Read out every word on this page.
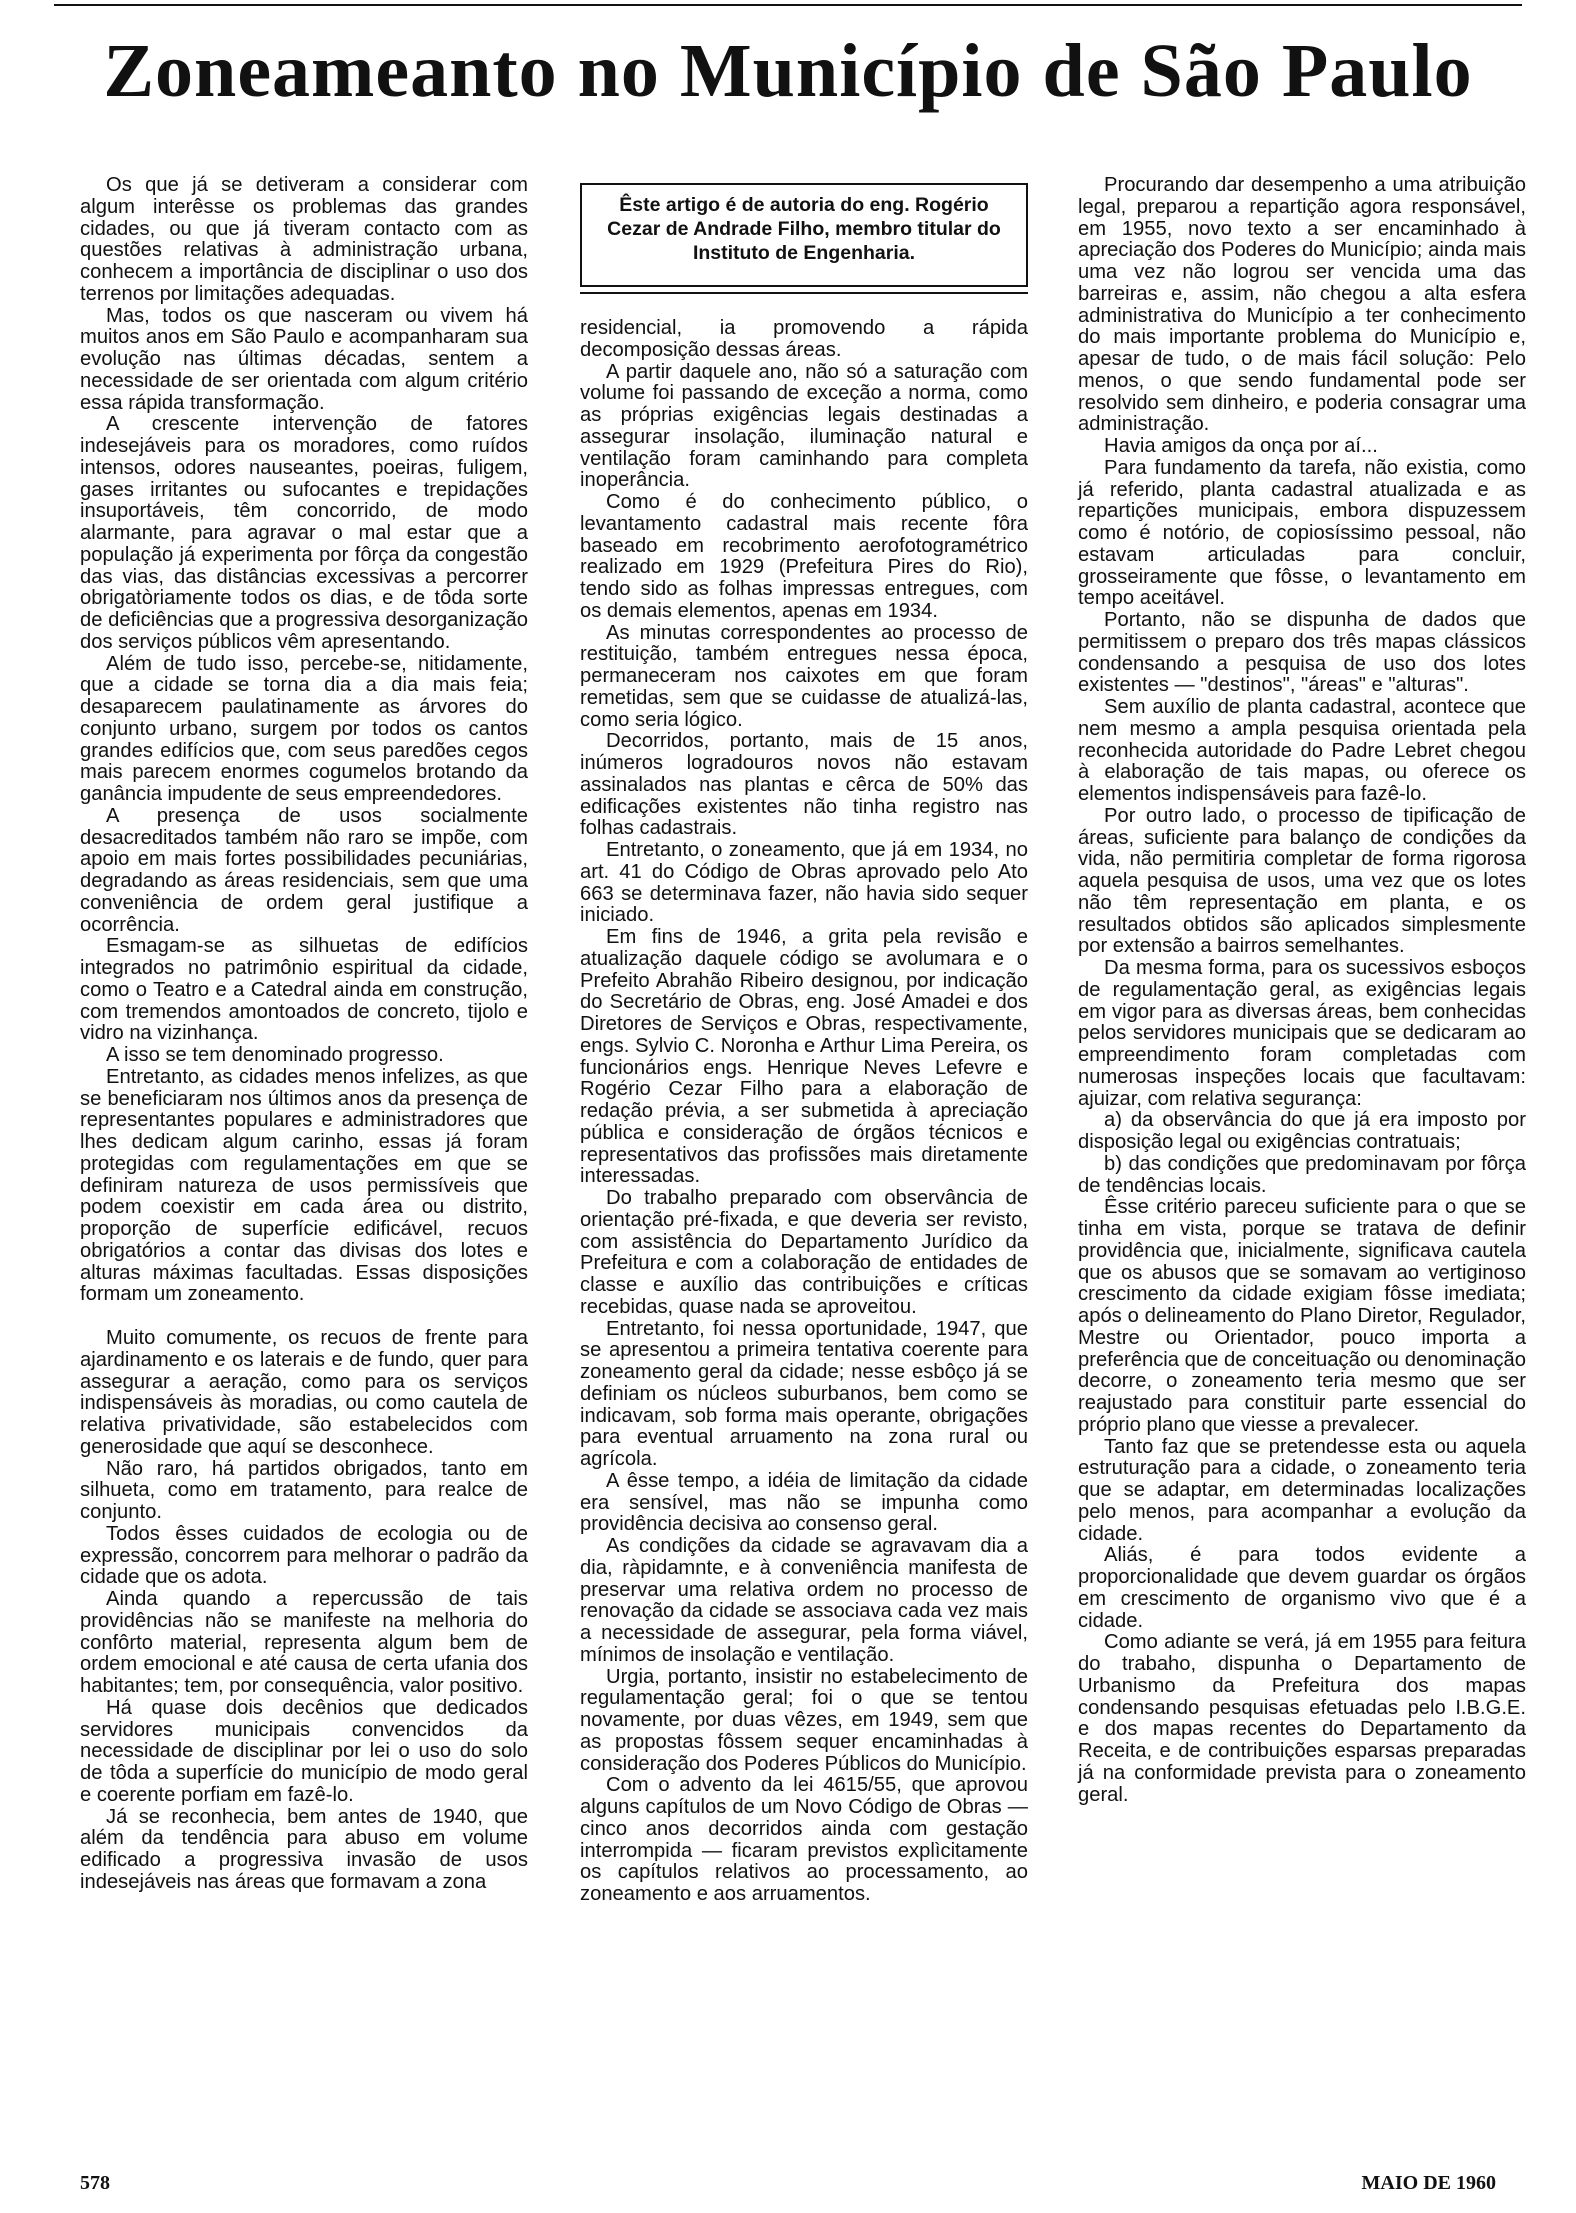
Zoneameanto no Município de São Paulo

Os que já se detiveram a considerar com algum interêsse os problemas das grandes cidades, ou que já tiveram contacto com as questões relativas à administração urbana, conhecem a importância de disciplinar o uso dos terrenos por limitações adequadas.

Mas, todos os que nasceram ou vivem há muitos anos em São Paulo e acompanharam sua evolução nas últimas décadas, sentem a necessidade de ser orientada com algum critério essa rápida transformação.

A crescente intervenção de fatores indesejáveis para os moradores, como ruídos intensos, odores nauseantes, poeiras, fuligem, gases irritantes ou sufocantes e trepidações insuportáveis, têm concorrido, de modo alarmante, para agravar o mal estar que a população já experimenta por fôrça da congestão das vias, das distâncias excessivas a percorrer obrigatòriamente todos os dias, e de tôda sorte de deficiências que a progressiva desorganização dos serviços públicos vêm apresentando.

Além de tudo isso, percebe-se, nitidamente, que a cidade se torna dia a dia mais feia; desaparecem paulatinamente as árvores do conjunto urbano, surgem por todos os cantos grandes edifícios que, com seus paredões cegos mais parecem enormes cogumelos brotando da ganância impudente de seus empreendedores.

A presença de usos socialmente desacreditados também não raro se impõe, com apoio em mais fortes possibilidades pecuniárias, degradando as áreas residenciais, sem que uma conveniência de ordem geral justifique a ocorrência.

Esmagam-se as silhuetas de edifícios integrados no patrimônio espiritual da cidade, como o Teatro e a Catedral ainda em construção, com tremendos amontoados de concreto, tijolo e vidro na vizinhança.

A isso se tem denominado progresso.

Entretanto, as cidades menos infelizes, as que se beneficiaram nos últimos anos da presença de representantes populares e administradores que lhes dedicam algum carinho, essas já foram protegidas com regulamentações em que se definiram natureza de usos permissíveis que podem coexistir em cada área ou distrito, proporção de superfície edificável, recuos obrigatórios a contar das divisas dos lotes e alturas máximas facultadas. Essas disposições formam um zoneamento.

Muito comumente, os recuos de frente para ajardinamento e os laterais e de fundo, quer para assegurar a aeração, como para os serviços indispensáveis às moradias, ou como cautela de relativa privatividade, são estabelecidos com generosidade que aquí se desconhece.

Não raro, há partidos obrigados, tanto em silhueta, como em tratamento, para realce de conjunto.

Todos êsses cuidados de ecologia ou de expressão, concorrem para melhorar o padrão da cidade que os adota.

Ainda quando a repercussão de tais providências não se manifeste na melhoria do confôrto material, representa algum bem de ordem emocional e até causa de certa ufania dos habitantes; tem, por consequência, valor positivo.

Há quase dois decênios que dedicados servidores municipais convencidos da necessidade de disciplinar por lei o uso do solo de tôda a superfície do município de modo geral e coerente porfiam em fazê-lo.

Já se reconhecia, bem antes de 1940, que além da tendência para abuso em volume edificado a progressiva invasão de usos indesejáveis nas áreas que formavam a zona

Êste artigo é de autoria do eng. Rogério Cezar de Andrade Filho, membro titular do Instituto de Engenharia.

residencial, ia promovendo a rápida decomposição dessas áreas.

A partir daquele ano, não só a saturação com volume foi passando de exceção a norma, como as próprias exigências legais destinadas a assegurar insolação, iluminação natural e ventilação foram caminhando para completa inoperância.

Como é do conhecimento público, o levantamento cadastral mais recente fôra baseado em recobrimento aerofotogramétrico realizado em 1929 (Prefeitura Pires do Rio), tendo sido as folhas impressas entregues, com os demais elementos, apenas em 1934.

As minutas correspondentes ao processo de restituição, também entregues nessa época, permaneceram nos caixotes em que foram remetidas, sem que se cuidasse de atualizá-las, como seria lógico.

Decorridos, portanto, mais de 15 anos, inúmeros logradouros novos não estavam assinalados nas plantas e cêrca de 50% das edificações existentes não tinha registro nas folhas cadastrais.

Entretanto, o zoneamento, que já em 1934, no art. 41 do Código de Obras aprovado pelo Ato 663 se determinava fazer, não havia sido sequer iniciado.

Em fins de 1946, a grita pela revisão e atualização daquele código se avolumara e o Prefeito Abrahão Ribeiro designou, por indicação do Secretário de Obras, eng. José Amadei e dos Diretores de Serviços e Obras, respectivamente, engs. Sylvio C. Noronha e Arthur Lima Pereira, os funcionários engs. Henrique Neves Lefevre e Rogério Cezar Filho para a elaboração de redação prévia, a ser submetida à apreciação pública e consideração de órgãos técnicos e representativos das profissões mais diretamente interessadas.

Do trabalho preparado com observância de orientação pré-fixada, e que deveria ser revisto, com assistência do Departamento Jurídico da Prefeitura e com a colaboração de entidades de classe e auxílio das contribuições e críticas recebidas, quase nada se aproveitou.

Entretanto, foi nessa oportunidade, 1947, que se apresentou a primeira tentativa coerente para zoneamento geral da cidade; nesse esbôço já se definiam os núcleos suburbanos, bem como se indicavam, sob forma mais operante, obrigações para eventual arruamento na zona rural ou agrícola.

A êsse tempo, a idéia de limitação da cidade era sensível, mas não se impunha como providência decisiva ao consenso geral.

As condições da cidade se agravavam dia a dia, ràpidamnte, e à conveniência manifesta de preservar uma relativa ordem no processo de renovação da cidade se associava cada vez mais a necessidade de assegurar, pela forma viável, mínimos de insolação e ventilação.

Urgia, portanto, insistir no estabelecimento de regulamentação geral; foi o que se tentou novamente, por duas vêzes, em 1949, sem que as propostas fôssem sequer encaminhadas à consideração dos Poderes Públicos do Município.

Com o advento da lei 4615/55, que aprovou alguns capítulos de um Novo Código de Obras — cinco anos decorridos ainda com gestação interrompida — ficaram previstos explìcitamente os capítulos relativos ao processamento, ao zoneamento e aos arruamentos.

Procurando dar desempenho a uma atribuição legal, preparou a repartição agora responsável, em 1955, novo texto a ser encaminhado à apreciação dos Poderes do Município; ainda mais uma vez não logrou ser vencida uma das barreiras e, assim, não chegou a alta esfera administrativa do Município a ter conhecimento do mais importante problema do Município e, apesar de tudo, o de mais fácil solução: Pelo menos, o que sendo fundamental pode ser resolvido sem dinheiro, e poderia consagrar uma administração.

Havia amigos da onça por aí...

Para fundamento da tarefa, não existia, como já referido, planta cadastral atualizada e as repartições municipais, embora dispuzessem como é notório, de copiosíssimo pessoal, não estavam articuladas para concluir, grosseiramente que fôsse, o levantamento em tempo aceitável.

Portanto, não se dispunha de dados que permitissem o preparo dos três mapas clássicos condensando a pesquisa de uso dos lotes existentes — "destinos", "áreas" e "alturas".

Sem auxílio de planta cadastral, acontece que nem mesmo a ampla pesquisa orientada pela reconhecida autoridade do Padre Lebret chegou à elaboração de tais mapas, ou oferece os elementos indispensáveis para fazê-lo.

Por outro lado, o processo de tipificação de áreas, suficiente para balanço de condições da vida, não permitiria completar de forma rigorosa aquela pesquisa de usos, uma vez que os lotes não têm representação em planta, e os resultados obtidos são aplicados simplesmente por extensão a bairros semelhantes.

Da mesma forma, para os sucessivos esboços de regulamentação geral, as exigências legais em vigor para as diversas áreas, bem conhecidas pelos servidores municipais que se dedicaram ao empreendimento foram completadas com numerosas inspeções locais que facultavam: ajuizar, com relativa segurança:

a) da observância do que já era imposto por disposição legal ou exigências contratuais;

b) das condições que predominavam por fôrça de tendências locais.

Êsse critério pareceu suficiente para o que se tinha em vista, porque se tratava de definir providência que, inicialmente, significava cautela que os abusos que se somavam ao vertiginoso crescimento da cidade exigiam fôsse imediata; após o delineamento do Plano Diretor, Regulador, Mestre ou Orientador, pouco importa a preferência que de conceituação ou denominação decorre, o zoneamento teria mesmo que ser reajustado para constituir parte essencial do próprio plano que viesse a prevalecer.

Tanto faz que se pretendesse esta ou aquela estruturação para a cidade, o zoneamento teria que se adaptar, em determinadas localizações pelo menos, para acompanhar a evolução da cidade.

Aliás, é para todos evidente a proporcionalidade que devem guardar os órgãos em crescimento de organismo vivo que é a cidade.

Como adiante se verá, já em 1955 para feitura do trabaho, dispunha o Departamento de Urbanismo da Prefeitura dos mapas condensando pesquisas efetuadas pelo I.B.G.E. e dos mapas recentes do Departamento da Receita, e de contribuições esparsas preparadas já na conformidade prevista para o zoneamento geral.

578	MAIO DE 1960
